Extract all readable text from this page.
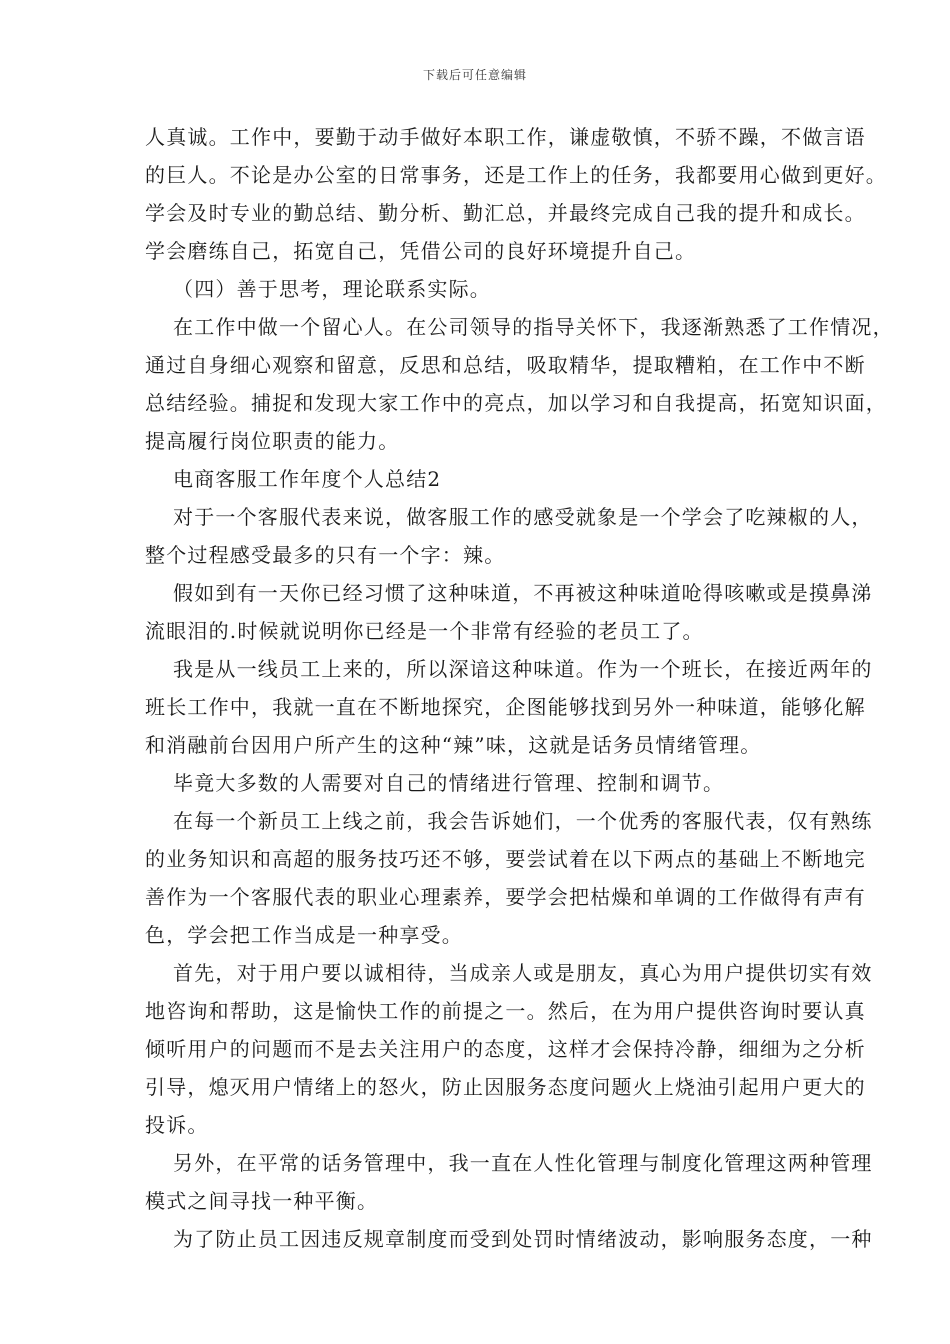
下载后可任意编辑
人真诚。工作中，要勤于动手做好本职工作，谦虚敬慎，不骄不躁，不做言语
的巨人。不论是办公室的日常事务，还是工作上的任务，我都要用心做到更好。
学会及时专业的勤总结、勤分析、勤汇总，并最终完成自己我的提升和成长。
学会磨练自己，拓宽自己，凭借公司的良好环境提升自己。
（四）善于思考，理论联系实际。
在工作中做一个留心人。在公司领导的指导关怀下，我逐渐熟悉了工作情况，
通过自身细心观察和留意，反思和总结，吸取精华，提取糟粕，在工作中不断
总结经验。捕捉和发现大家工作中的亮点，加以学习和自我提高，拓宽知识面，
提高履行岗位职责的能力。
电商客服工作年度个人总结2
对于一个客服代表来说，做客服工作的感受就象是一个学会了吃辣椒的人，
整个过程感受最多的只有一个字：辣。
假如到有一天你已经习惯了这种味道，不再被这种味道呛得咳嗽或是摸鼻涕
流眼泪的.时候就说明你已经是一个非常有经验的老员工了。
我是从一线员工上来的，所以深谙这种味道。作为一个班长，在接近两年的
班长工作中，我就一直在不断地探究，企图能够找到另外一种味道，能够化解
和消融前台因用户所产生的这种“辣”味，这就是话务员情绪管理。
毕竟大多数的人需要对自己的情绪进行管理、控制和调节。
在每一个新员工上线之前，我会告诉她们，一个优秀的客服代表，仅有熟练
的业务知识和高超的服务技巧还不够，要尝试着在以下两点的基础上不断地完
善作为一个客服代表的职业心理素养，要学会把枯燥和单调的工作做得有声有
色，学会把工作当成是一种享受。
首先，对于用户要以诚相待，当成亲人或是朋友，真心为用户提供切实有效
地咨询和帮助，这是愉快工作的前提之一。然后，在为用户提供咨询时要认真
倾听用户的问题而不是去关注用户的态度，这样才会保持冷静，细细为之分析
引导，熄灭用户情绪上的怒火，防止因服务态度问题火上烧油引起用户更大的
投诉。
另外，在平常的话务管理中，我一直在人性化管理与制度化管理这两种管理
模式之间寻找一种平衡。
为了防止员工因违反规章制度而受到处罚时情绪波动，影响服务态度，一种
